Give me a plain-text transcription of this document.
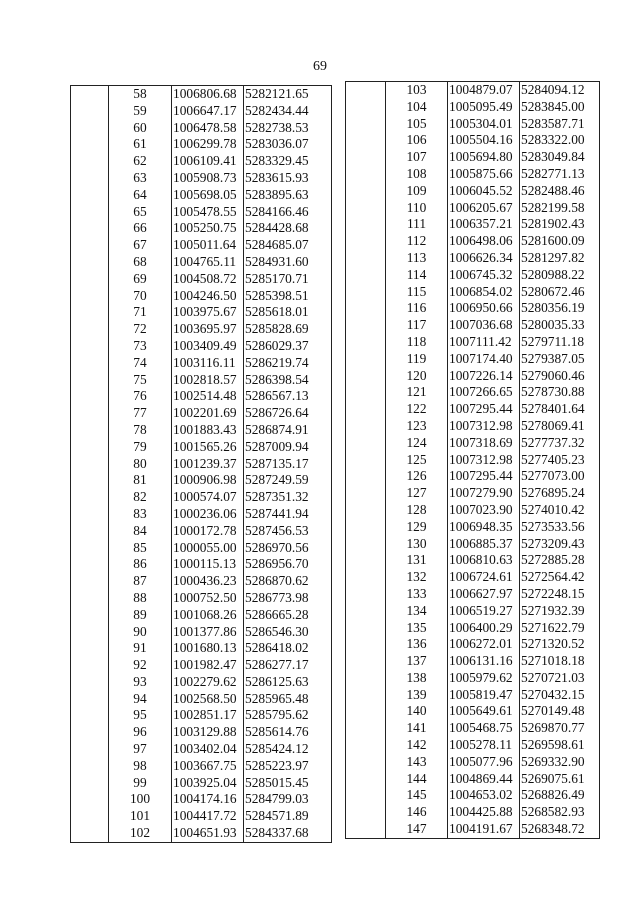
69
	58	1006806.68	5282121.65
	59	1006647.17	5282434.44
	60	1006478.58	5282738.53
	61	1006299.78	5283036.07
	62	1006109.41	5283329.45
	63	1005908.73	5283615.93
	64	1005698.05	5283895.63
	65	1005478.55	5284166.46
	66	1005250.75	5284428.68
	67	1005011.64	5284685.07
	68	1004765.11	5284931.60
	69	1004508.72	5285170.71
	70	1004246.50	5285398.51
	71	1003975.67	5285618.01
	72	1003695.97	5285828.69
	73	1003409.49	5286029.37
	74	1003116.11	5286219.74
	75	1002818.57	5286398.54
	76	1002514.48	5286567.13
	77	1002201.69	5286726.64
	78	1001883.43	5286874.91
	79	1001565.26	5287009.94
	80	1001239.37	5287135.17
	81	1000906.98	5287249.59
	82	1000574.07	5287351.32
	83	1000236.06	5287441.94
	84	1000172.78	5287456.53
	85	1000055.00	5286970.56
	86	1000115.13	5286956.70
	87	1000436.23	5286870.62
	88	1000752.50	5286773.98
	89	1001068.26	5286665.28
	90	1001377.86	5286546.30
	91	1001680.13	5286418.02
	92	1001982.47	5286277.17
	93	1002279.62	5286125.63
	94	1002568.50	5285965.48
	95	1002851.17	5285795.62
	96	1003129.88	5285614.76
	97	1003402.04	5285424.12
	98	1003667.75	5285223.97
	99	1003925.04	5285015.45
	100	1004174.16	5284799.03
	101	1004417.72	5284571.89
	102	1004651.93	5284337.68
	103	1004879.07	5284094.12
	104	1005095.49	5283845.00
	105	1005304.01	5283587.71
	106	1005504.16	5283322.00
	107	1005694.80	5283049.84
	108	1005875.66	5282771.13
	109	1006045.52	5282488.46
	110	1006205.67	5282199.58
	111	1006357.21	5281902.43
	112	1006498.06	5281600.09
	113	1006626.34	5281297.82
	114	1006745.32	5280988.22
	115	1006854.02	5280672.46
	116	1006950.66	5280356.19
	117	1007036.68	5280035.33
	118	1007111.42	5279711.18
	119	1007174.40	5279387.05
	120	1007226.14	5279060.46
	121	1007266.65	5278730.88
	122	1007295.44	5278401.64
	123	1007312.98	5278069.41
	124	1007318.69	5277737.32
	125	1007312.98	5277405.23
	126	1007295.44	5277073.00
	127	1007279.90	5276895.24
	128	1007023.90	5274010.42
	129	1006948.35	5273533.56
	130	1006885.37	5273209.43
	131	1006810.63	5272885.28
	132	1006724.61	5272564.42
	133	1006627.97	5272248.15
	134	1006519.27	5271932.39
	135	1006400.29	5271622.79
	136	1006272.01	5271320.52
	137	1006131.16	5271018.18
	138	1005979.62	5270721.03
	139	1005819.47	5270432.15
	140	1005649.61	5270149.48
	141	1005468.75	5269870.77
	142	1005278.11	5269598.61
	143	1005077.96	5269332.90
	144	1004869.44	5269075.61
	145	1004653.02	5268826.49
	146	1004425.88	5268582.93
	147	1004191.67	5268348.72
